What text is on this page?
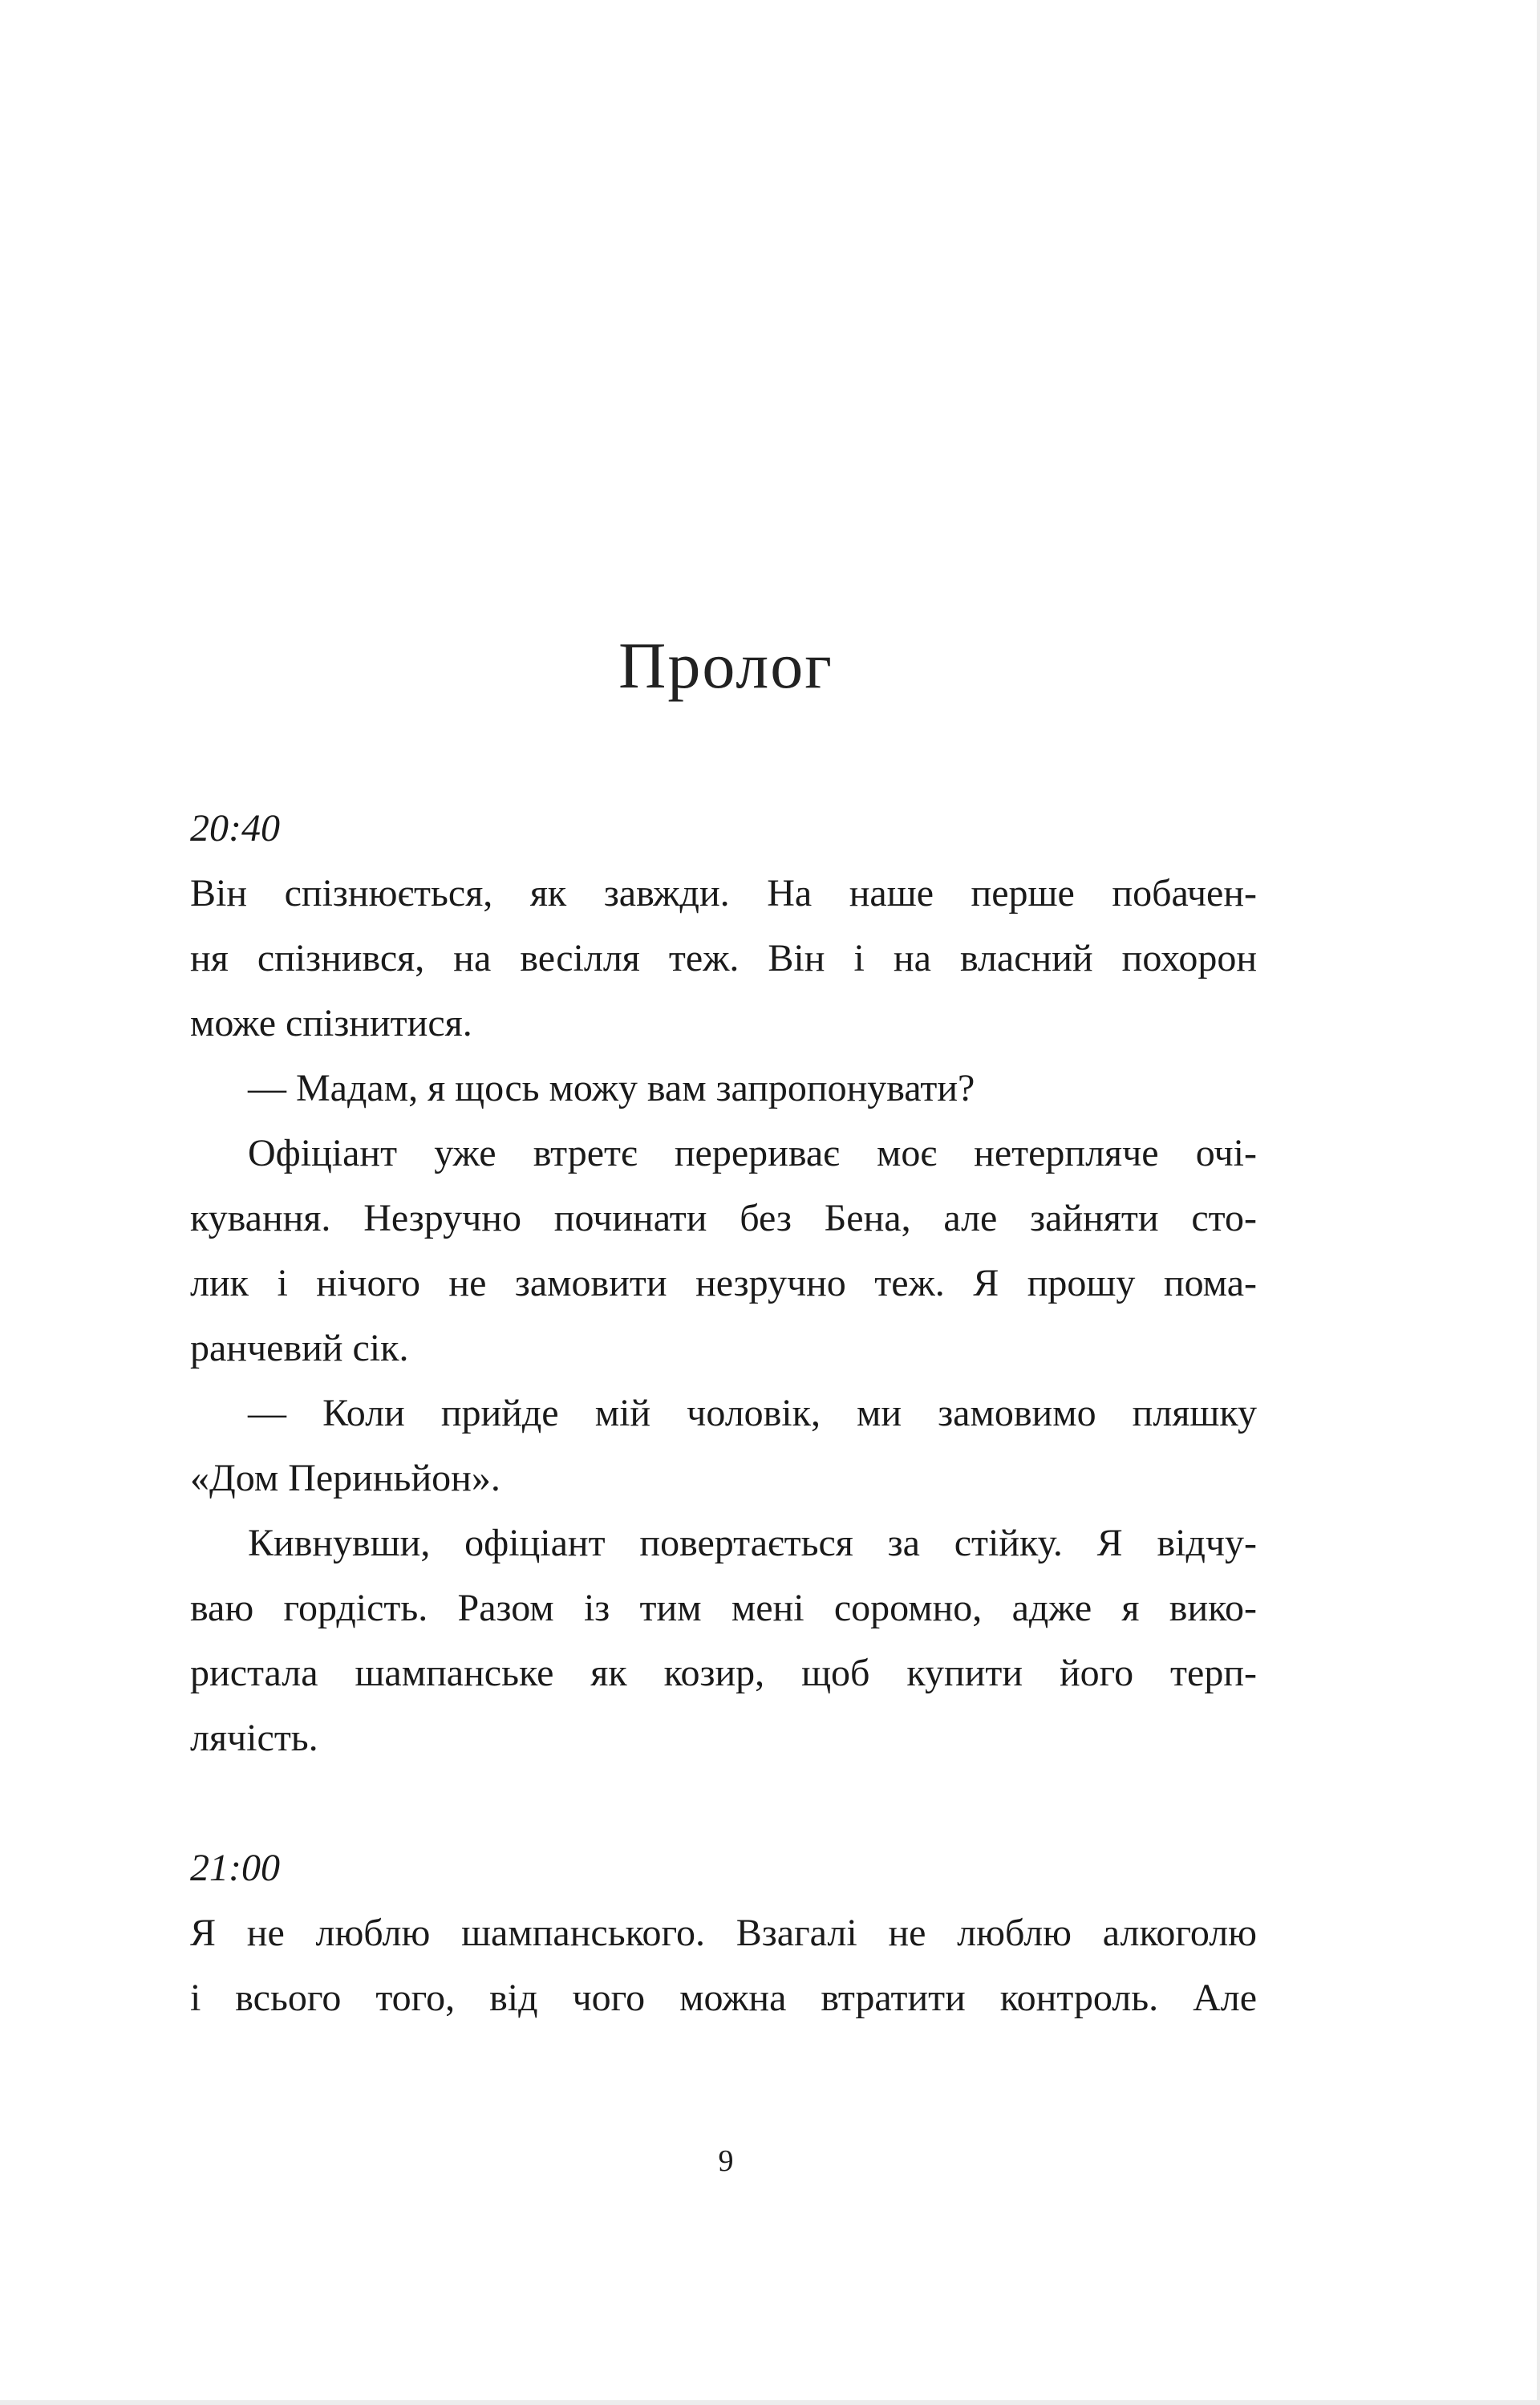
Пролог
20:40
Він спізнюється, як завжди. На наше перше побачен-
ня спізнився, на весілля теж. Він і на власний похорон
може спізнитися.
— Мадам, я щось можу вам запропонувати?
Офіціант уже втретє перериває моє нетерпляче очі-
кування. Незручно починати без Бена, але зайняти сто-
лик і нічого не замовити незручно теж. Я прошу пома-
ранчевий сік.
— Коли прийде мій чоловік, ми замовимо пляшку
«Дом Периньйон».
Кивнувши, офіціант повертається за стійку. Я відчу-
ваю гордість. Разом із тим мені соромно, адже я вико-
ристала шампанське як козир, щоб купити його терп-
лячість.
21:00
Я не люблю шампанського. Взагалі не люблю алкоголю
і всього того, від чого можна втратити контроль. Але
9
